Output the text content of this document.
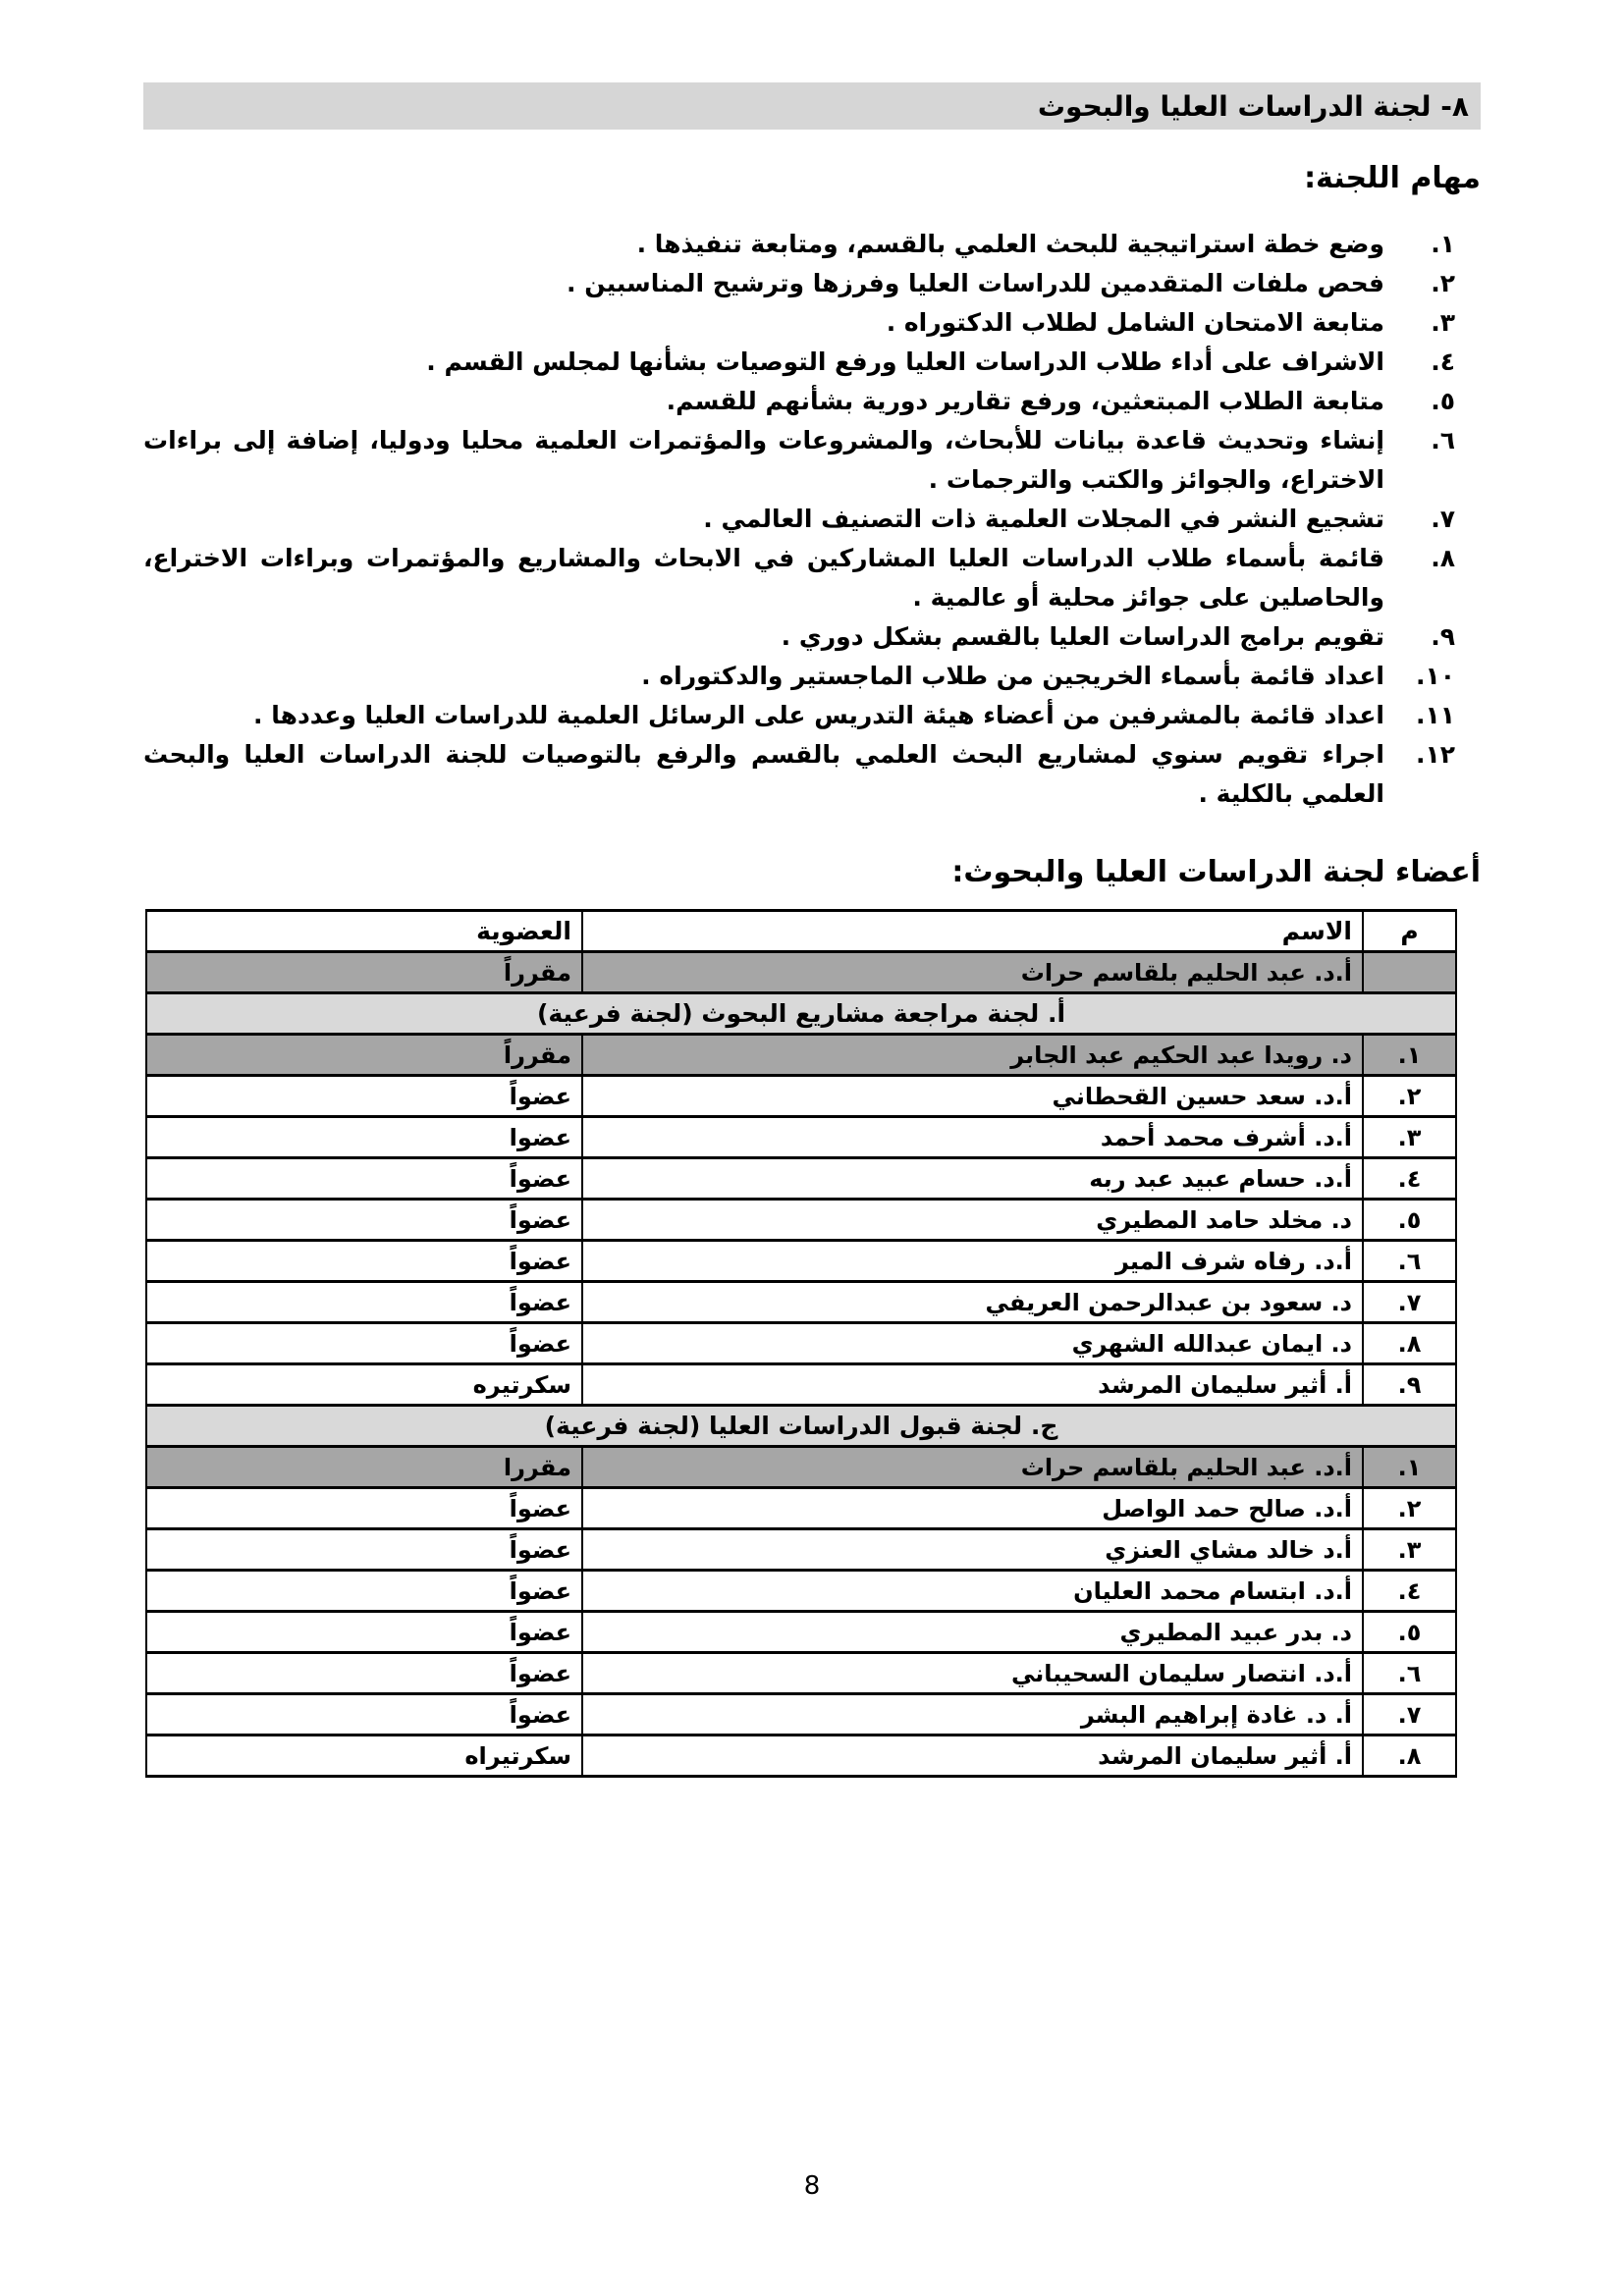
٨- لجنة الدراسات العليا والبحوث
مهام اللجنة:
١.
وضع خطة استراتيجية للبحث العلمي بالقسم، ومتابعة تنفيذها .
٢.
فحص ملفات المتقدمين للدراسات العليا وفرزها وترشيح المناسبين .
٣.
متابعة الامتحان الشامل لطلاب الدكتوراه .
٤.
الاشراف على أداء طلاب الدراسات العليا ورفع التوصيات بشأنها لمجلس القسم .
٥.
متابعة الطلاب المبتعثين، ورفع تقارير دورية بشأنهم للقسم.
٦.
إنشاء وتحديث قاعدة بيانات للأبحاث، والمشروعات والمؤتمرات العلمية محليا ودوليا، إضافة إلى براءات الاختراع، والجوائز والكتب والترجمات .
٧.
تشجيع النشر في المجلات العلمية ذات التصنيف العالمي .
٨.
قائمة بأسماء طلاب الدراسات العليا المشاركين في الابحاث والمشاريع والمؤتمرات وبراءات الاختراع، والحاصلين على جوائز محلية أو عالمية .
٩.
تقويم برامج الدراسات العليا بالقسم بشكل دوري .
١٠.
اعداد قائمة بأسماء الخريجين من طلاب الماجستير والدكتوراه .
١١.
اعداد قائمة بالمشرفين من أعضاء هيئة التدريس على الرسائل العلمية للدراسات العليا وعددها .
١٢.
اجراء تقويم سنوي لمشاريع البحث العلمي بالقسم والرفع بالتوصيات للجنة الدراسات العليا والبحث العلمي بالكلية .
أعضاء لجنة الدراسات العليا والبحوث:
م	الاسم	العضوية
	أ.د. عبد الحليم بلقاسم حراث	مقرراً
أ. لجنة مراجعة مشاريع البحوث (لجنة فرعية)		
١.	د. رويدا عبد الحكيم عبد الجابر	مقرراً
٢.	أ.د. سعد حسين القحطاني	عضواً
٣.	أ.د. أشرف محمد أحمد	عضوا
٤.	أ.د. حسام عبيد عبد ربه	عضواً
٥.	د. مخلد حامد المطيري	عضواً
٦.	أ.د. رفاه شرف المير	عضواً
٧.	د. سعود بن عبدالرحمن العريفي	عضواً
٨.	د. ايمان عبدالله الشهري	عضواً
٩.	أ. أثير سليمان المرشد	سكرتيره
ج. لجنة قبول الدراسات العليا (لجنة فرعية)		
١.	أ.د. عبد الحليم بلقاسم حراث	مقررا
٢.	أ.د. صالح حمد الواصل	عضواً
٣.	أ.د خالد مشاي العنزي	عضواً
٤.	أ.د. ابتسام محمد العليان	عضواً
٥.	د. بدر عبيد المطيري	عضواً
٦.	أ.د. انتصار سليمان السحيباني	عضواً
٧.	أ. د. غادة إبراهيم البشر	عضواً
٨.	أ. أثير سليمان المرشد	سكرتيراه
8
